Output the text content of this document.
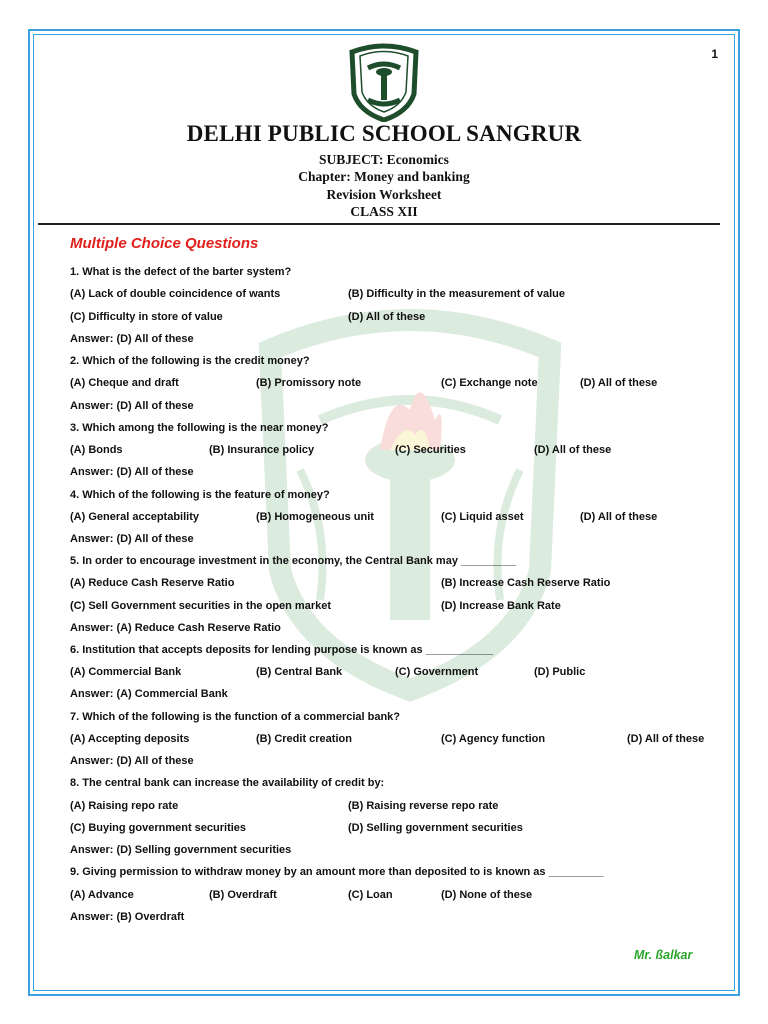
1
DELHI PUBLIC SCHOOL SANGRUR
SUBJECT: Economics
Chapter: Money and banking
Revision Worksheet
CLASS XII
Multiple Choice Questions
1. What is the defect of the barter system?
(A) Lack of double coincidence of wants	(B) Difficulty in the measurement of value
(C) Difficulty in store of value	(D) All of these
Answer: (D) All of these
2. Which of the following is the credit money?
(A) Cheque and draft	(B) Promissory note	(C) Exchange note	(D) All of these
Answer: (D) All of these
3. Which among the following is the near money?
(A) Bonds	(B) Insurance policy	(C) Securities	(D) All of these
Answer: (D) All of these
4. Which of the following is the feature of money?
(A) General acceptability	(B) Homogeneous unit	(C) Liquid asset	(D) All of these
Answer: (D) All of these
5. In order to encourage investment in the economy, the Central Bank may _________
(A) Reduce Cash Reserve Ratio	(B) Increase Cash Reserve Ratio
(C) Sell Government securities in the open market	(D) Increase Bank Rate
Answer: (A) Reduce Cash Reserve Ratio
6. Institution that accepts deposits for lending purpose is known as ___________
(A) Commercial Bank	(B) Central Bank	(C) Government	(D) Public
Answer: (A) Commercial Bank
7. Which of the following is the function of a commercial bank?
(A) Accepting deposits	(B) Credit creation	(C) Agency function	(D) All of these
Answer: (D) All of these
8. The central bank can increase the availability of credit by:
(A) Raising repo rate	(B) Raising reverse repo rate
(C) Buying government securities	(D) Selling government securities
Answer: (D) Selling government securities
9. Giving permission to withdraw money by an amount more than deposited to is known as _________
(A) Advance	(B) Overdraft	(C) Loan	(D) None of these
Answer: (B) Overdraft
Mr. ßalkar
